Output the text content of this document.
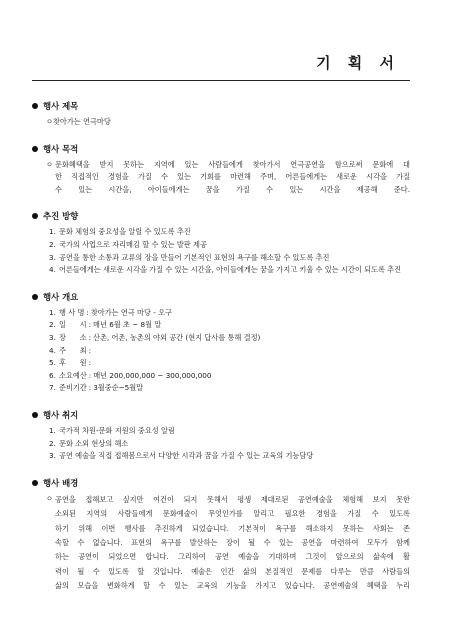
기 획 서
행사 제목
ㅇ찾아가는 연극마당
행사 목적
ㅇ 문화혜택을 받지 못하는 지역에 있는 사람들에게 찾아가서 연극공연을 함으로써 문화에 대
한 직접적인 경험을 가질 수 있는 기회를 마련해 주며, 어른들에게는 새로운 시각을 가질
수 있는 시간을, 아이들에게는 꿈을 가질 수 있는 시간을 제공해 준다.
추진 방향
1. 문화 체험의 중요성을 알릴 수 있도록 추진
2. 국가의 사업으로 자리매김 할 수 있는 발판 제공
3. 공연을 통한 소통과 교류의 장을 만들어 기본적인 표현의 욕구를 해소할 수 있도록 추진
4. 어른들에게는 새로운 시각을 가질 수 있는 시간을, 아이들에게는 꿈을 가지고 키울 수 있는 시간이 되도록 추진
행사 개요
1. 행 사 명 : 찾아가는 연극 마당 - 오구
2. 일      시 : 매년 6월 초 ~ 8월 말
3. 장      소 : 산촌, 어촌, 농촌의 야외 공간 (현지 답사를 통해 결정)
4. 주      최 :
5. 후      원 :
6. 소요예산 : 매년 200,000,000 ~ 300,000,000
7. 준비기간 : 3월중순~5월말
행사 취지
1. 국가적 차원-문화 지원의 중요성 알림
2. 문화 소외 현상의 해소
3. 공연 예술을 직접 접해봄으로서 다양한 시각과 꿈을 가질 수 있는 교육의 기능담당
행사 배경
ㅇ 공연을 접해보고 싶지만 여건이 되지 못해서 평생 제대로된 공연예술을 체험해 보지 못한
소외된 지역의 사람들에게 문화예술이 무엇인가를 알리고 필요한 경험을 가질 수 있도록
하기 위해 이번 행사를 추진하게 되었습니다. 기본적이 욕구를 해소하지 못하는 사회는 존
속할 수 없습니다. 표현의 욕구를 발산하는 장이 될 수 있는 공연을 마련하여 모두가 함께
하는 공연이 되었으면 합니다. 그리하여 공연 예술을 기대하며 그것이 앞으로의 삶속에 활
력이 될 수 있도록 할 것입니다. 예술은 인간 삶의 본질적인 문제를 다루는 만큼 사람들의
삶의 모습을 변화하게 할 수 있는 교육의 기능을 가지고 있습니다. 공연예술의 혜택을 누리
